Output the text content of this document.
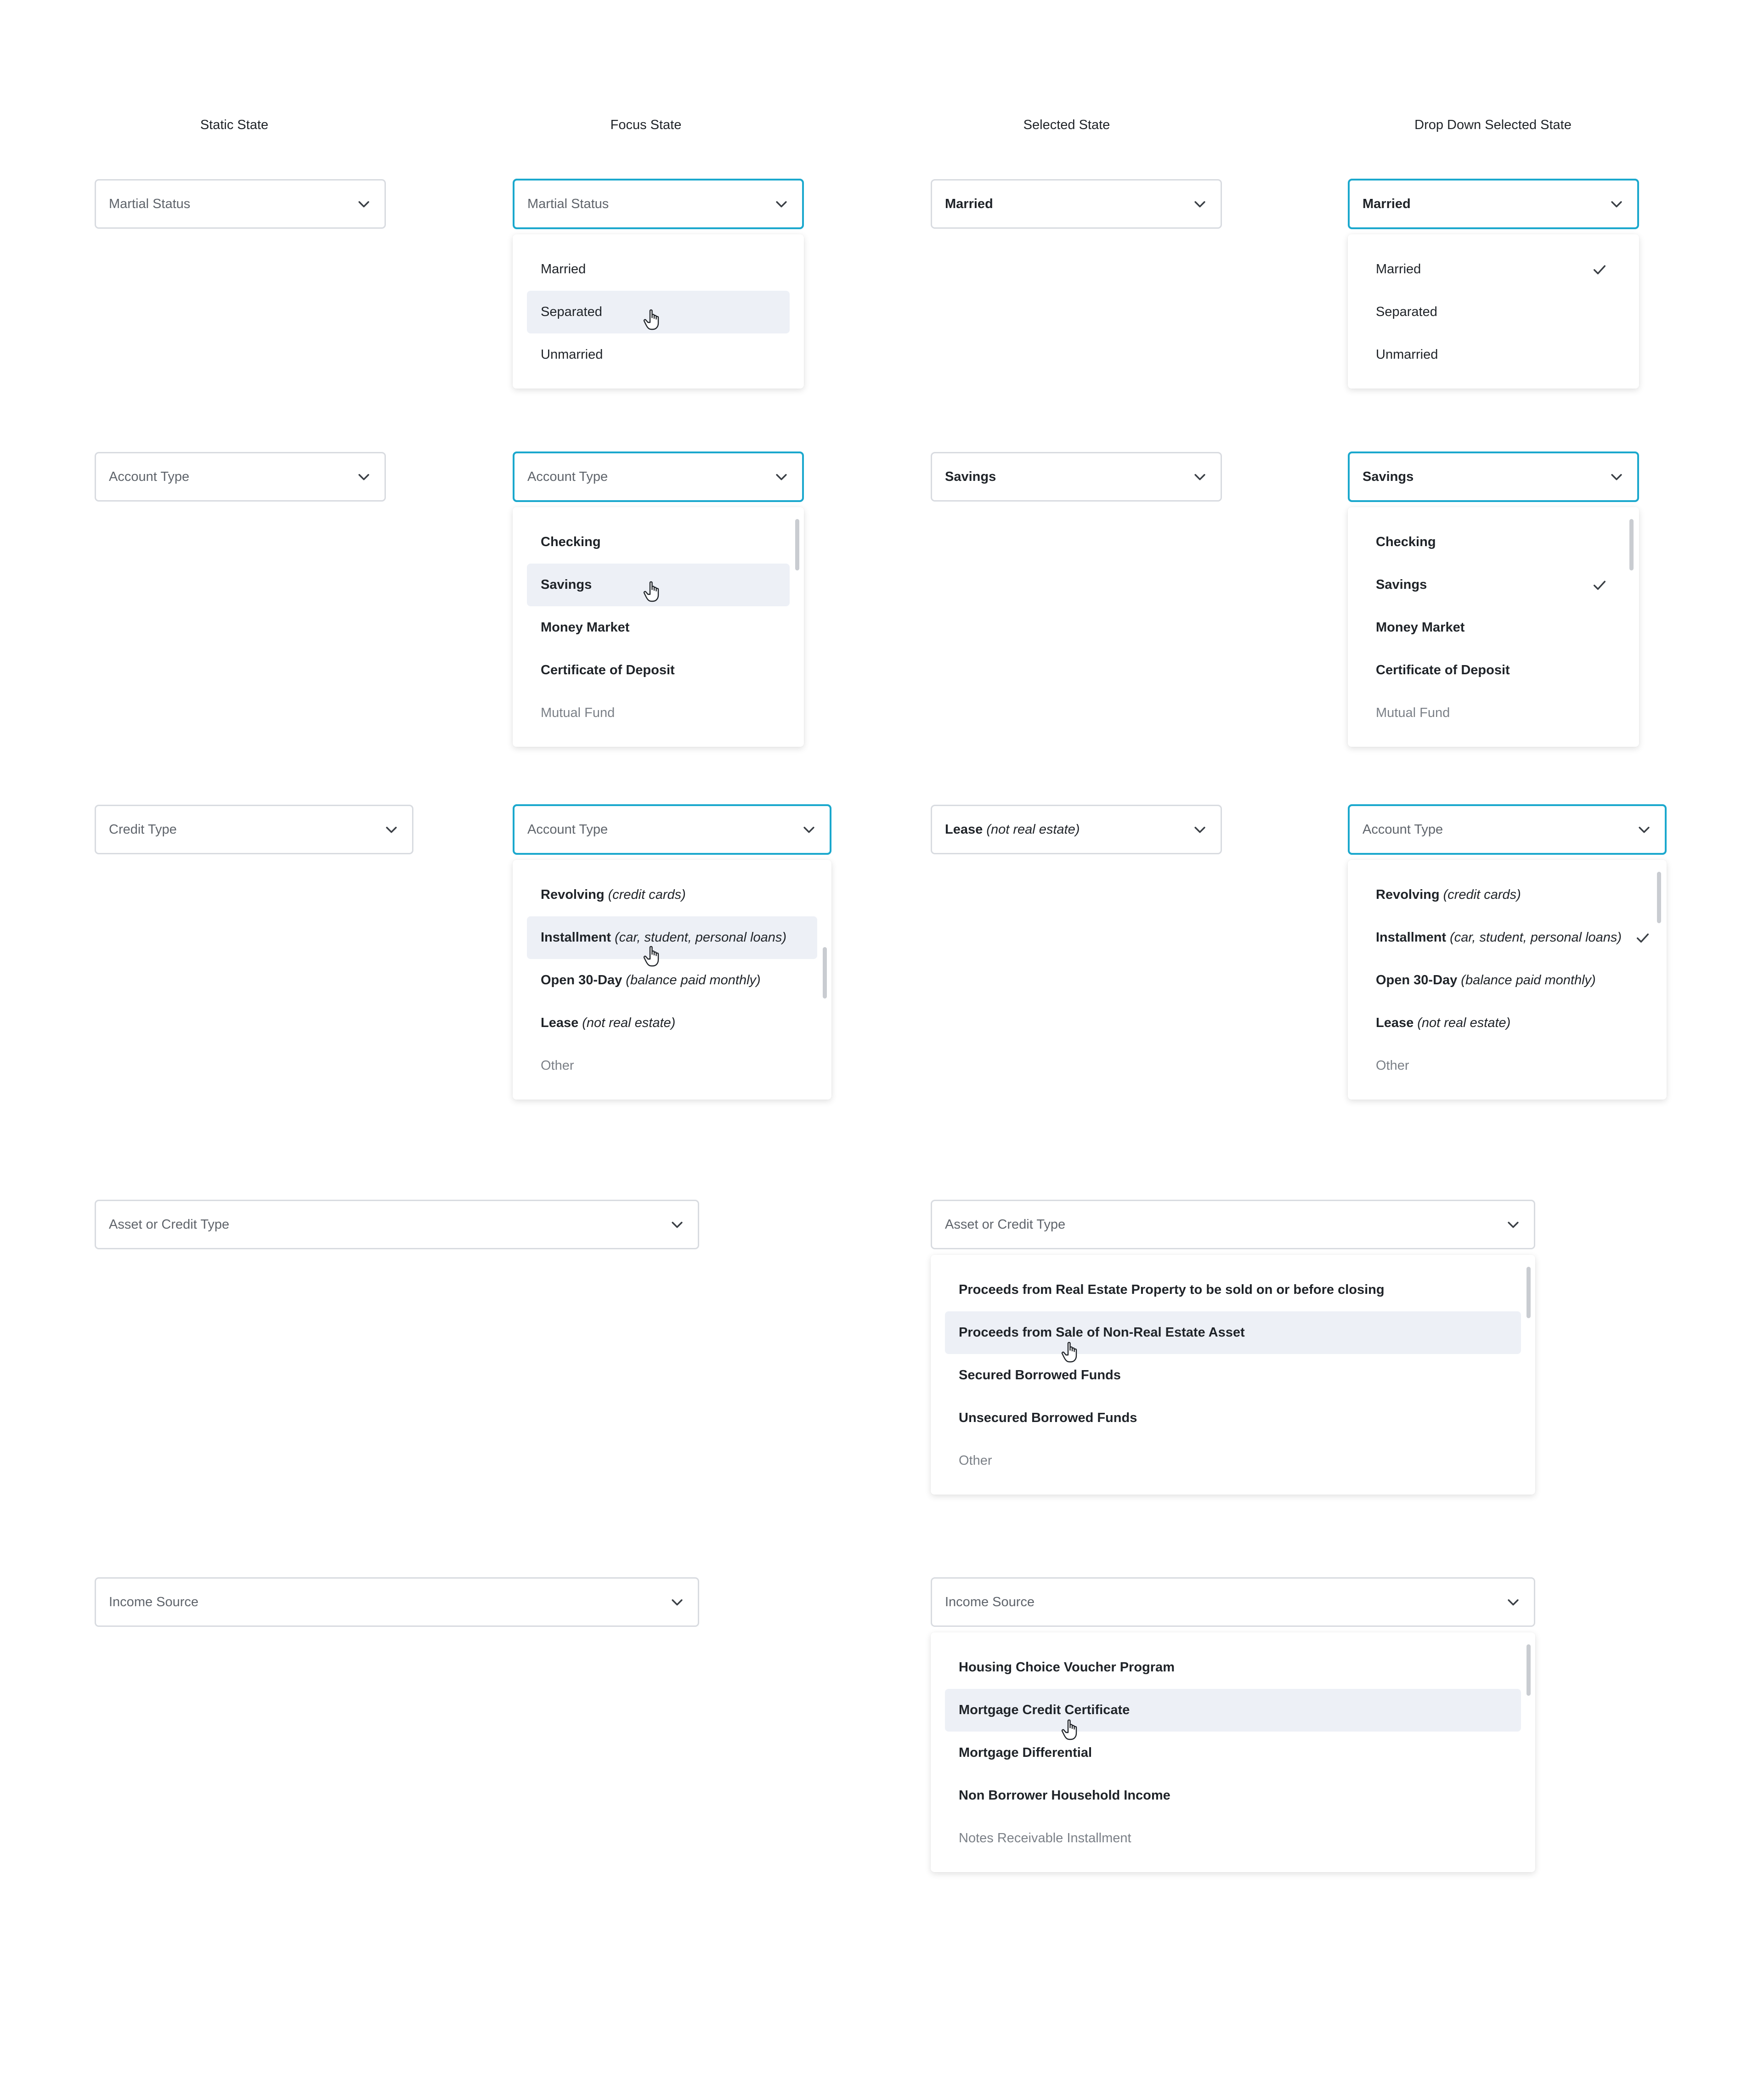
Static State	Focus State	Selected State	Drop Down Selected State
Martial Status	Martial Status
Married
Separated
Unmarried
Married	Married
Married
Separated
Unmarried
Account Type	Account Type
Checking
Savings
Money Market
Certificate of Deposit
Mutual Fund
Savings	Savings
Checking
Savings
Money Market
Certificate of Deposit
Mutual Fund
Credit Type	Account Type
Revolving (credit cards)
Installment (car, student, personal loans)
Open 30-Day (balance paid monthly)
Lease (not real estate)
Other
Lease (not real estate)	Account Type
Revolving (credit cards)
Installment (car, student, personal loans)
Open 30-Day (balance paid monthly)
Lease (not real estate)
Other
Asset or Credit Type	Asset or Credit Type
Proceeds from Real Estate Property to be sold on or before closing
Proceeds from Sale of Non-Real Estate Asset
Secured Borrowed Funds
Unsecured Borrowed Funds
Other
Income Source	Income Source
Housing Choice Voucher Program
Mortgage Credit Certificate
Mortgage Differential
Non Borrower Household Income
Notes Receivable Installment
